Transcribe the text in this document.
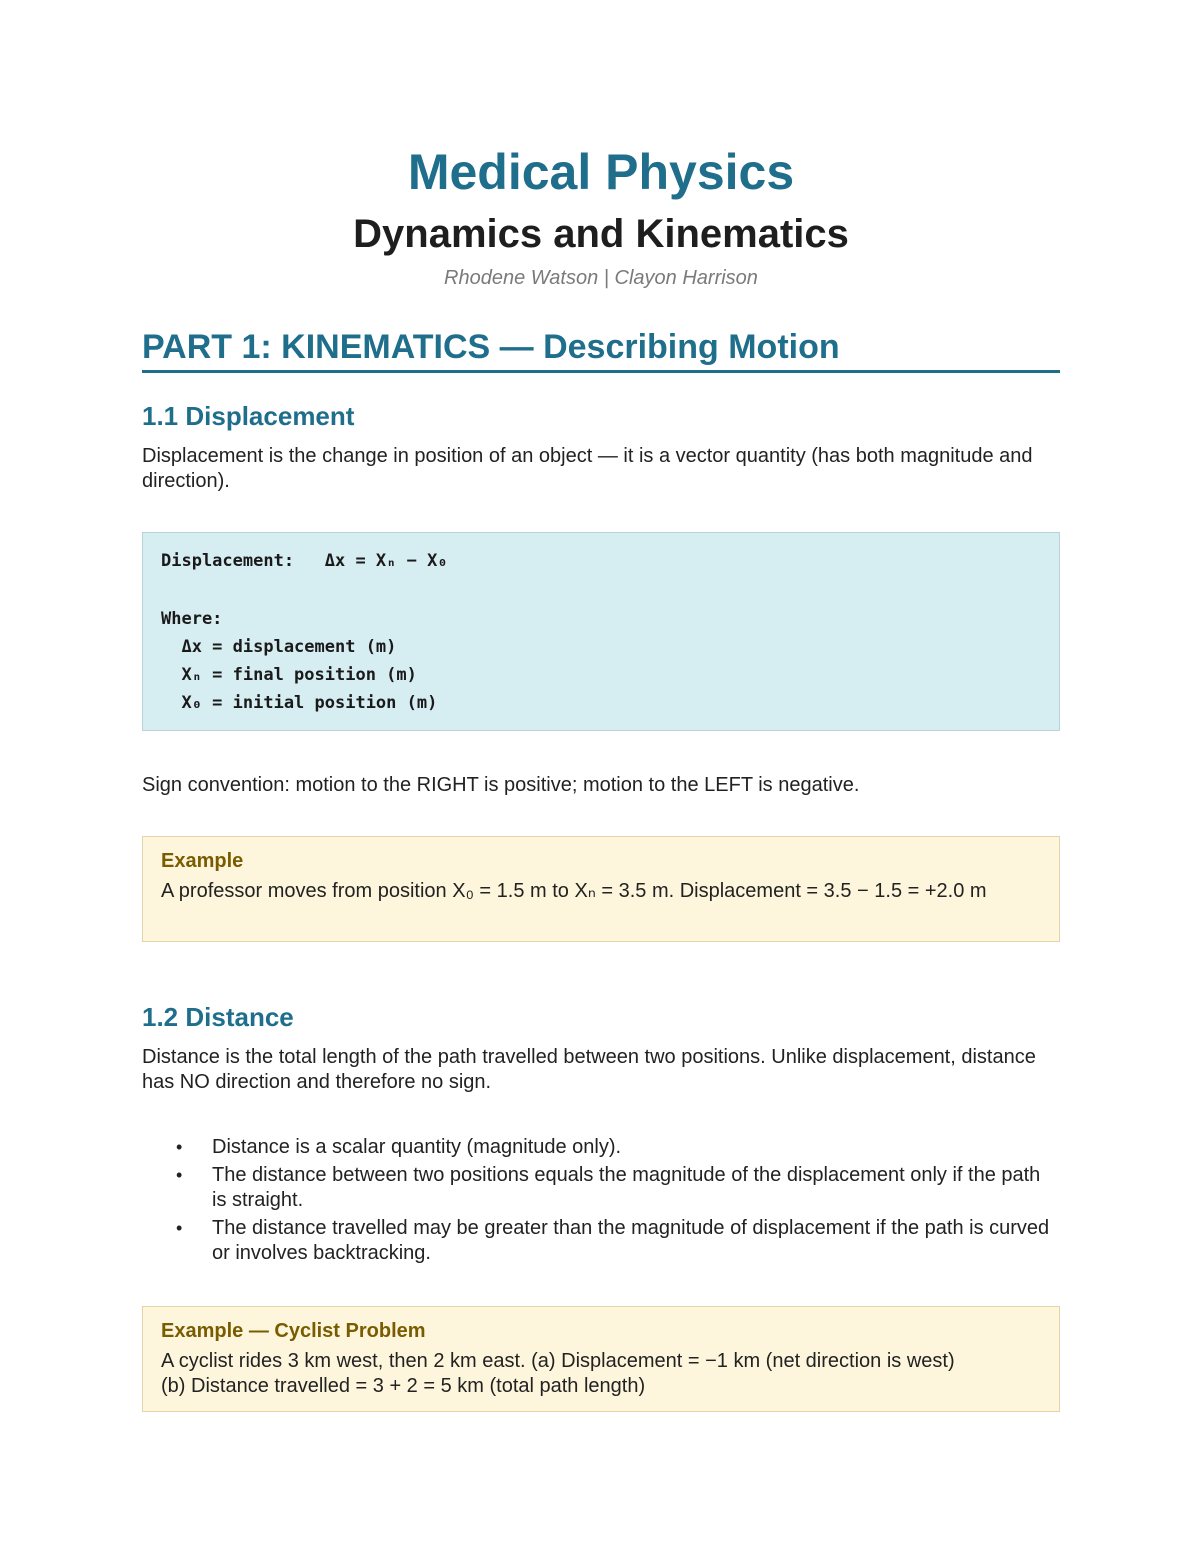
Medical Physics
Dynamics and Kinematics
Rhodene Watson | Clayon Harrison
PART 1: KINEMATICS — Describing Motion
1.1 Displacement

Displacement is the change in position of an object — it is a vector quantity (has both magnitude and direction).

Displacement:   Δx = Xₙ − X₀
Where:
Δx = displacement (m)
Xₙ = final position (m)
X₀ = initial position (m)

Sign convention: motion to the RIGHT is positive; motion to the LEFT is negative.

Example
A professor moves from position X₀ = 1.5 m to Xₙ = 3.5 m. Displacement = 3.5 − 1.5 = +2.0 m
1.2 Distance

Distance is the total length of the path travelled between two positions. Unlike displacement, distance has NO direction and therefore no sign.

• Distance is a scalar quantity (magnitude only).
• The distance between two positions equals the magnitude of the displacement only if the path is straight.
• The distance travelled may be greater than the magnitude of displacement if the path is curved or involves backtracking.
Example — Cyclist Problem
A cyclist rides 3 km west, then 2 km east. (a) Displacement = −1 km (net direction is west)
(b) Distance travelled = 3 + 2 = 5 km (total path length)
